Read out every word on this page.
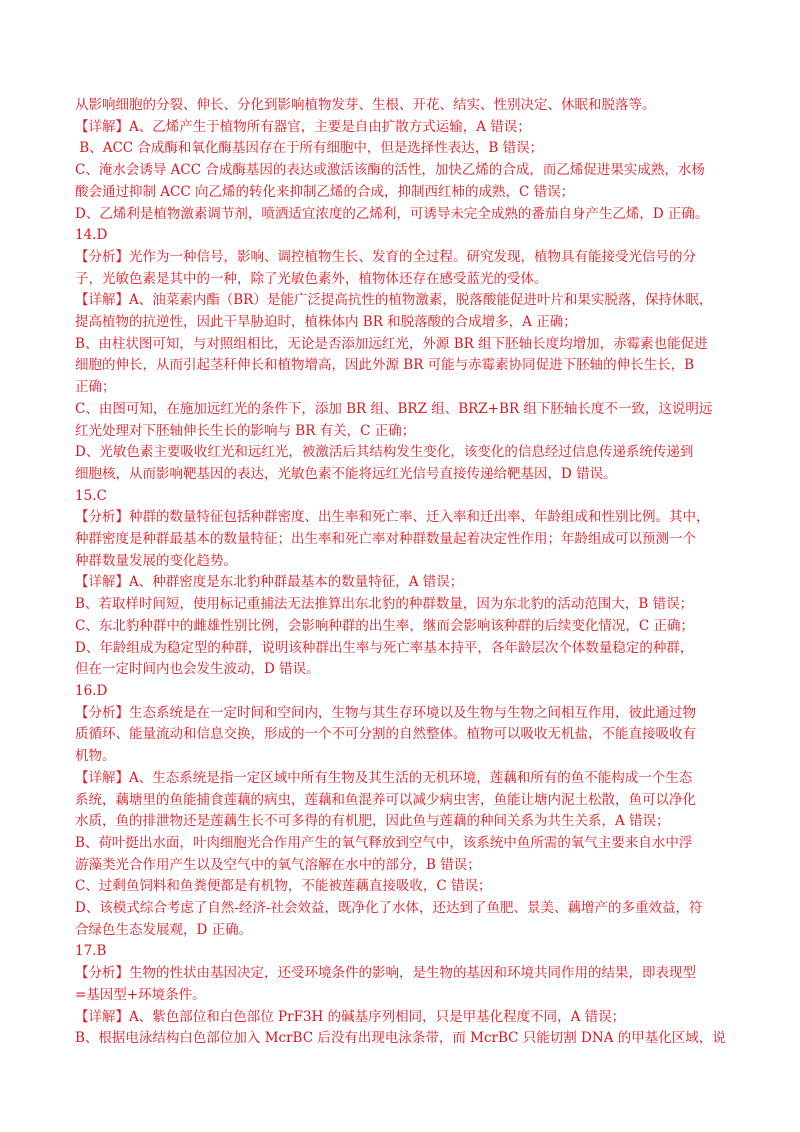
从影响细胞的分裂、伸长、分化到影响植物发芽、生根、开花、结实、性别决定、休眠和脱落等。
【详解】A、乙烯产生于植物所有器官，主要是自由扩散方式运输，A 错误；
B、ACC 合成酶和氧化酶基因存在于所有细胞中，但是选择性表达，B 错误；
C、淹水会诱导 ACC 合成酶基因的表达或激活该酶的活性，加快乙烯的合成，而乙烯促进果实成熟，水杨
酸会通过抑制 ACC 向乙烯的转化来抑制乙烯的合成，抑制西红柿的成熟，C 错误；
D、乙烯利是植物激素调节剂，喷洒适宜浓度的乙烯利，可诱导未完全成熟的番茄自身产生乙烯，D 正确。
14.D
【分析】光作为一种信号，影响、调控植物生长、发育的全过程。研究发现，植物具有能接受光信号的分
子，光敏色素是其中的一种，除了光敏色素外，植物体还存在感受蓝光的受体。
【详解】A、油菜素内酯（BR）是能广泛提高抗性的植物激素，脱落酸能促进叶片和果实脱落，保持休眠，
提高植物的抗逆性，因此干旱胁迫时，植株体内 BR 和脱落酸的合成增多，A 正确；
B、由柱状图可知，与对照组相比，无论是否添加远红光，外源 BR 组下胚轴长度均增加，赤霉素也能促进
细胞的伸长，从而引起茎秆伸长和植物增高，因此外源 BR 可能与赤霉素协同促进下胚轴的伸长生长，B
正确；
C、由图可知，在施加远红光的条件下，添加 BR 组、BRZ 组、BRZ+BR 组下胚轴长度不一致，这说明远
红光处理对下胚轴伸长生长的影响与 BR 有关，C 正确；
D、光敏色素主要吸收红光和远红光，被激活后其结构发生变化，该变化的信息经过信息传递系统传递到
细胞核，从而影响靶基因的表达，光敏色素不能将远红光信号直接传递给靶基因，D 错误。
15.C
【分析】种群的数量特征包括种群密度、出生率和死亡率、迁入率和迁出率、年龄组成和性别比例。其中，
种群密度是种群最基本的数量特征；出生率和死亡率对种群数量起着决定性作用；年龄组成可以预测一个
种群数量发展的变化趋势。
【详解】A、种群密度是东北豹种群最基本的数量特征，A 错误；
B、若取样时间短，使用标记重捕法无法推算出东北豹的种群数量，因为东北豹的活动范围大，B 错误；
C、东北豹种群中的雌雄性别比例，会影响种群的出生率，继而会影响该种群的后续变化情况，C 正确；
D、年龄组成为稳定型的种群，说明该种群出生率与死亡率基本持平，各年龄层次个体数量稳定的种群，
但在一定时间内也会发生波动，D 错误。
16.D
【分析】生态系统是在一定时间和空间内，生物与其生存环境以及生物与生物之间相互作用，彼此通过物
质循环、能量流动和信息交换，形成的一个不可分割的自然整体。植物可以吸收无机盐，不能直接吸收有
机物。
【详解】A、生态系统是指一定区域中所有生物及其生活的无机环境，莲藕和所有的鱼不能构成一个生态
系统，藕塘里的鱼能捕食莲藕的病虫，莲藕和鱼混养可以减少病虫害，鱼能让塘内泥土松散，鱼可以净化
水质，鱼的排泄物还是莲藕生长不可多得的有机肥，因此鱼与莲藕的种间关系为共生关系，A 错误；
B、荷叶挺出水面，叶肉细胞光合作用产生的氧气释放到空气中，该系统中鱼所需的氧气主要来自水中浮
游藻类光合作用产生以及空气中的氧气溶解在水中的部分，B 错误；
C、过剩鱼饲料和鱼粪便都是有机物，不能被莲藕直接吸收，C 错误；
D、该模式综合考虑了自然-经济-社会效益，既净化了水体，还达到了鱼肥、景美、藕增产的多重效益，符
合绿色生态发展观，D 正确。
17.B
【分析】生物的性状由基因决定，还受环境条件的影响，是生物的基因和环境共同作用的结果，即表现型
=基因型+环境条件。
【详解】A、紫色部位和白色部位 PrF3H 的碱基序列相同，只是甲基化程度不同，A 错误；
B、根据电泳结构白色部位加入 McrBC 后没有出现电泳条带，而 McrBC 只能切割 DNA 的甲基化区域，说
